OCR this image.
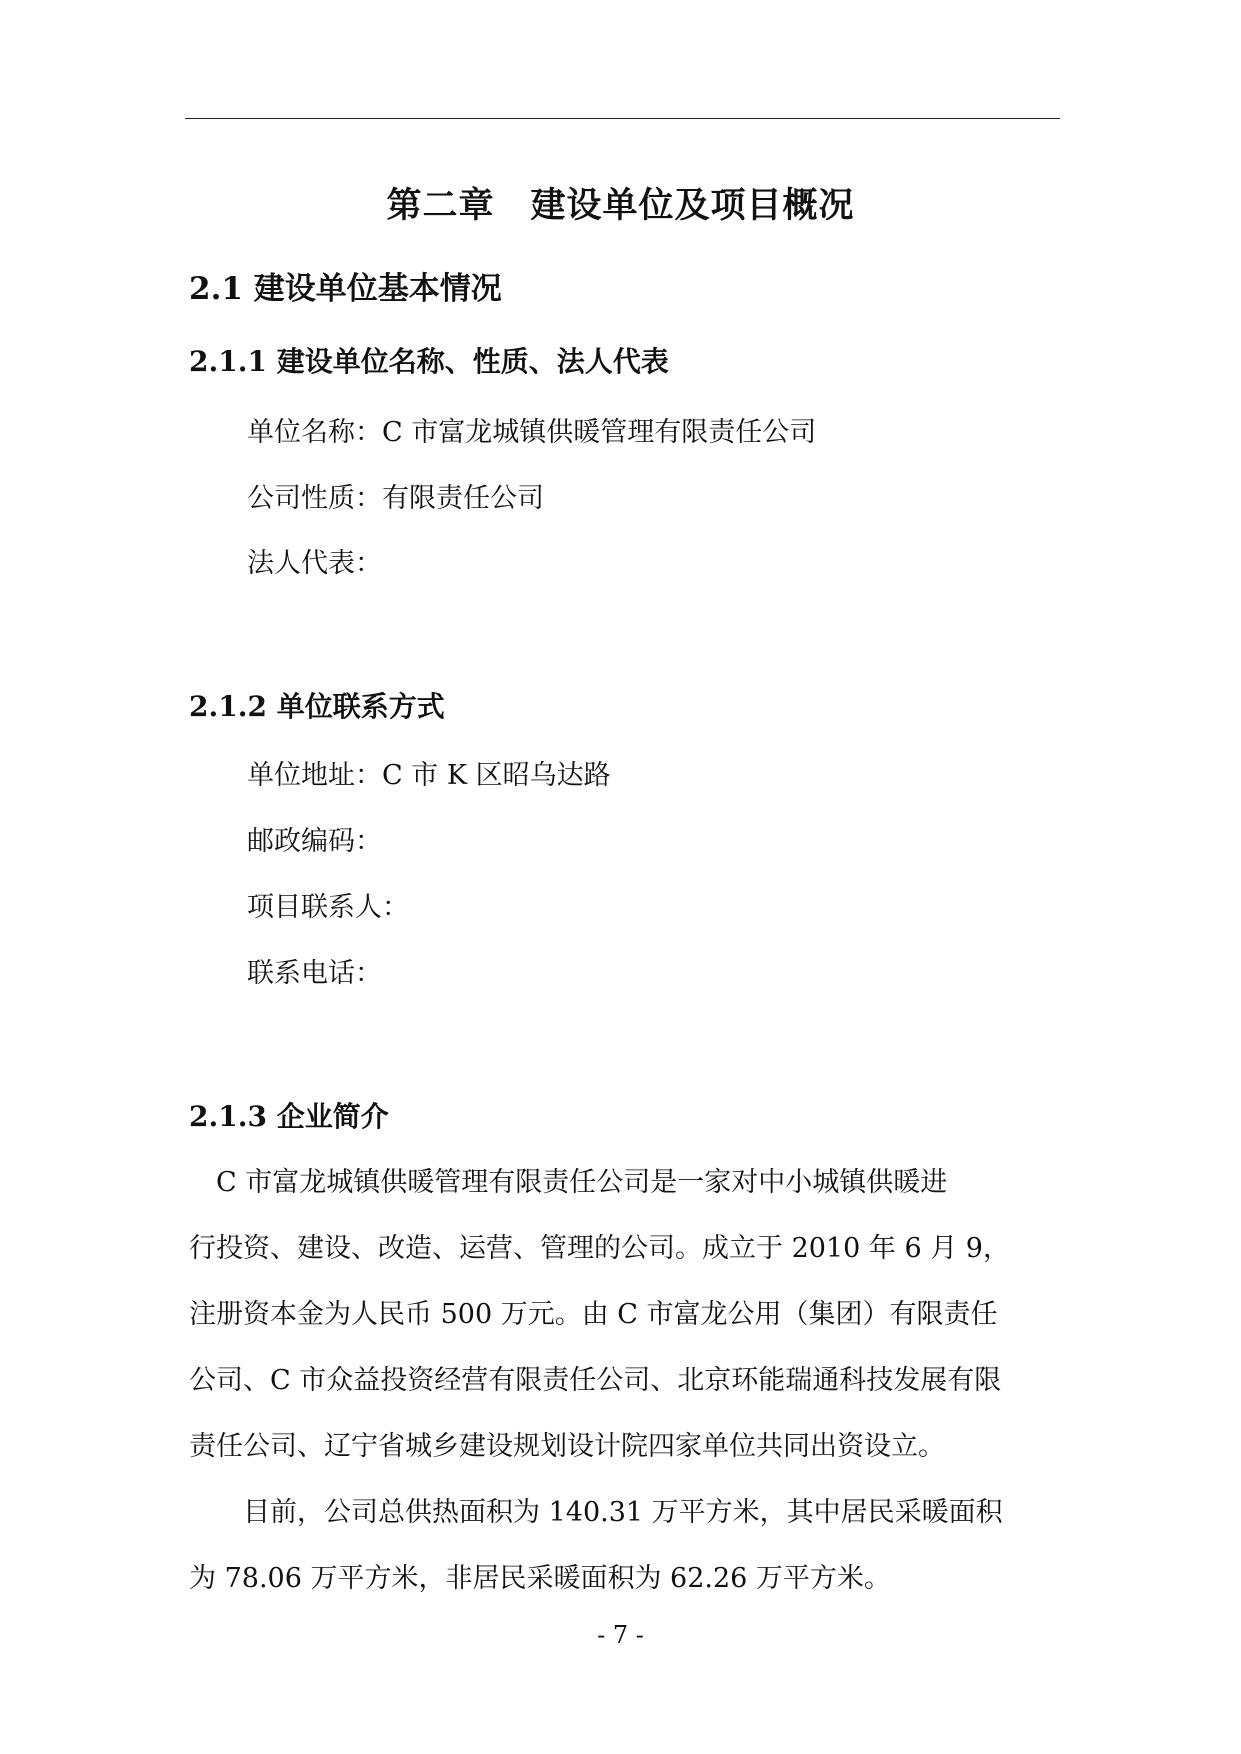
第二章　建设单位及项目概况
2.1 建设单位基本情况
2.1.1 建设单位名称、性质、法人代表
单位名称：C 市富龙城镇供暖管理有限责任公司
公司性质：有限责任公司
法人代表：
2.1.2 单位联系方式
单位地址：C 市 K 区昭乌达路
邮政编码：
项目联系人：
联系电话：
2.1.3 企业简介
　C 市富龙城镇供暖管理有限责任公司是一家对中小城镇供暖进
行投资、建设、改造、运营、管理的公司。成立于 2010 年 6 月 9，
注册资本金为人民币 500 万元。由 C 市富龙公用（集团）有限责任
公司、C 市众益投资经营有限责任公司、北京环能瑞通科技发展有限
责任公司、辽宁省城乡建设规划设计院四家单位共同出资设立。
　　目前，公司总供热面积为 140.31 万平方米，其中居民采暖面积
为 78.06 万平方米，非居民采暖面积为 62.26 万平方米。
- 7 -
